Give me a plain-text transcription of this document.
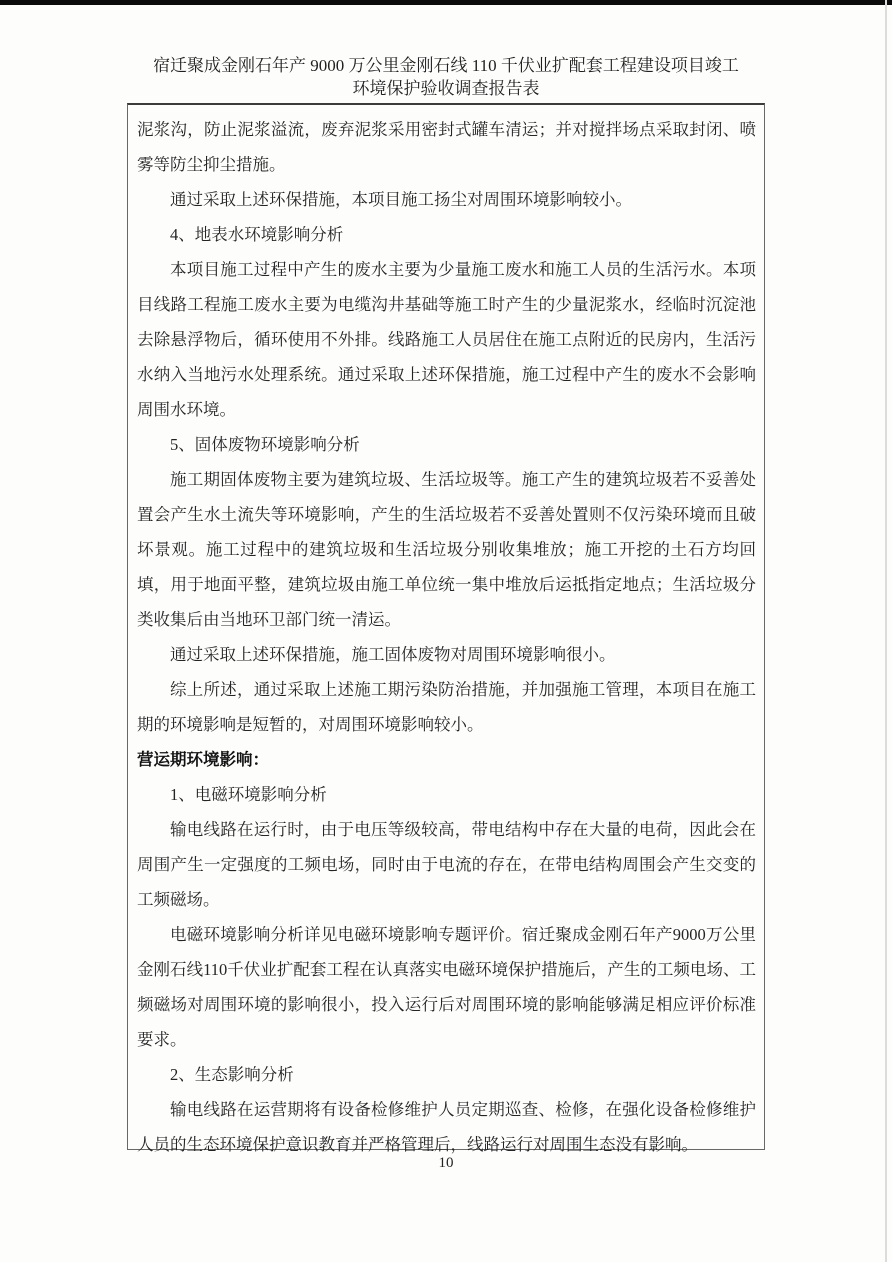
宿迁聚成金刚石年产 9000 万公里金刚石线 110 千伏业扩配套工程建设项目竣工
环境保护验收调查报告表

泥浆沟，防止泥浆溢流，废弃泥浆采用密封式罐车清运；并对搅拌场点采取封闭、喷雾等防尘抑尘措施。

通过采取上述环保措施，本项目施工扬尘对周围环境影响较小。

4、地表水环境影响分析

本项目施工过程中产生的废水主要为少量施工废水和施工人员的生活污水。本项目线路工程施工废水主要为电缆沟井基础等施工时产生的少量泥浆水，经临时沉淀池去除悬浮物后，循环使用不外排。线路施工人员居住在施工点附近的民房内，生活污水纳入当地污水处理系统。通过采取上述环保措施，施工过程中产生的废水不会影响周围水环境。

5、固体废物环境影响分析

施工期固体废物主要为建筑垃圾、生活垃圾等。施工产生的建筑垃圾若不妥善处置会产生水土流失等环境影响，产生的生活垃圾若不妥善处置则不仅污染环境而且破坏景观。施工过程中的建筑垃圾和生活垃圾分别收集堆放；施工开挖的土石方均回填，用于地面平整，建筑垃圾由施工单位统一集中堆放后运抵指定地点；生活垃圾分类收集后由当地环卫部门统一清运。

通过采取上述环保措施，施工固体废物对周围环境影响很小。

综上所述，通过采取上述施工期污染防治措施，并加强施工管理，本项目在施工期的环境影响是短暂的，对周围环境影响较小。

营运期环境影响：

1、电磁环境影响分析

输电线路在运行时，由于电压等级较高，带电结构中存在大量的电荷，因此会在周围产生一定强度的工频电场，同时由于电流的存在，在带电结构周围会产生交变的工频磁场。

电磁环境影响分析详见电磁环境影响专题评价。宿迁聚成金刚石年产9000万公里金刚石线110千伏业扩配套工程在认真落实电磁环境保护措施后，产生的工频电场、工频磁场对周围环境的影响很小，投入运行后对周围环境的影响能够满足相应评价标准要求。

2、生态影响分析

输电线路在运营期将有设备检修维护人员定期巡查、检修，在强化设备检修维护人员的生态环境保护意识教育并严格管理后，线路运行对周围生态没有影响。

10
